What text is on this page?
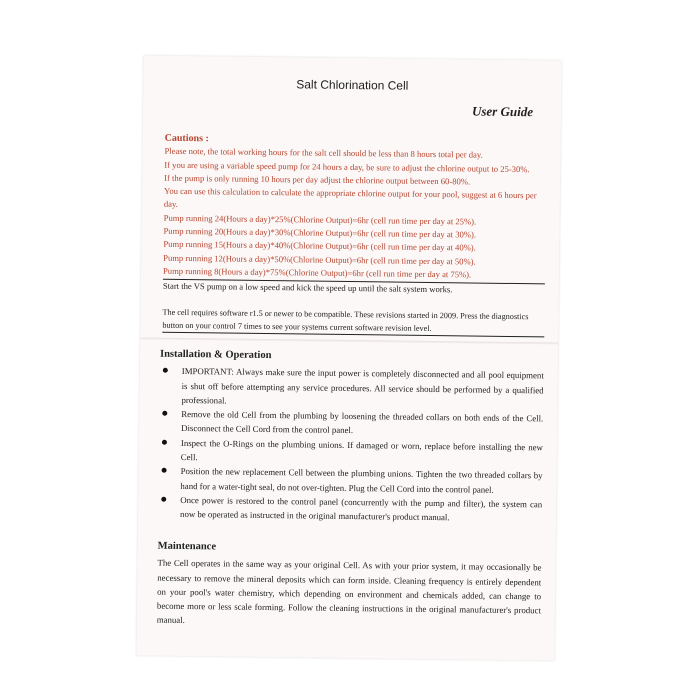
Salt Chlorination Cell
User Guide

Cautions :

Please note, the total working hours for the salt cell should be less than 8 hours total per day.

If you are using a variable speed pump for 24 hours a day, be sure to adjust the chlorine output to 25-30%.

If the pump is only running 10 hours per day adjust the chlorine output between 60-80%.

You can use this calculation to calculate the appropriate chlorine output for your pool, suggest at 6 hours per day.

Pump running 24(Hours a day)*25%(Chlorine Output)=6hr (cell run time per day at 25%).

Pump running 20(Hours a day)*30%(Chlorine Output)=6hr (cell run time per day at 30%).

Pump running 15(Hours a day)*40%(Chlorine Output)=6hr (cell run time per day at 40%).

Pump running 12(Hours a day)*50%(Chlorine Output)=6hr (cell run time per day at 50%).

Pump running 8(Hours a day)*75%(Chlorine Output)=6hr (cell run time per day at 75%).

Start the VS pump on a low speed and kick the speed up until the salt system works.

The cell requires software r1.5 or newer to be compatible. These revisions started in 2009. Press the diagnostics button on your control 7 times to see your systems current software revision level.

Installation & Operation
IMPORTANT: Always make sure the input power is completely disconnected and all pool equipment is shut off before attempting any service procedures. All service should be performed by a qualified professional.
Remove the old Cell from the plumbing by loosening the threaded collars on both ends of the Cell. Disconnect the Cell Cord from the control panel.
Inspect the O-Rings on the plumbing unions. If damaged or worn, replace before installing the new Cell.
Position the new replacement Cell between the plumbing unions. Tighten the two threaded collars by hand for a water-tight seal, do not over-tighten. Plug the Cell Cord into the control panel.
Once power is restored to the control panel (concurrently with the pump and filter), the system can now be operated as instructed in the original manufacturer's product manual.
Maintenance

The Cell operates in the same way as your original Cell. As with your prior system, it may occasionally be necessary to remove the mineral deposits which can form inside. Cleaning frequency is entirely dependent on your pool's water chemistry, which depending on environment and chemicals added, can change to become more or less scale forming. Follow the cleaning instructions in the original manufacturer's product manual.
